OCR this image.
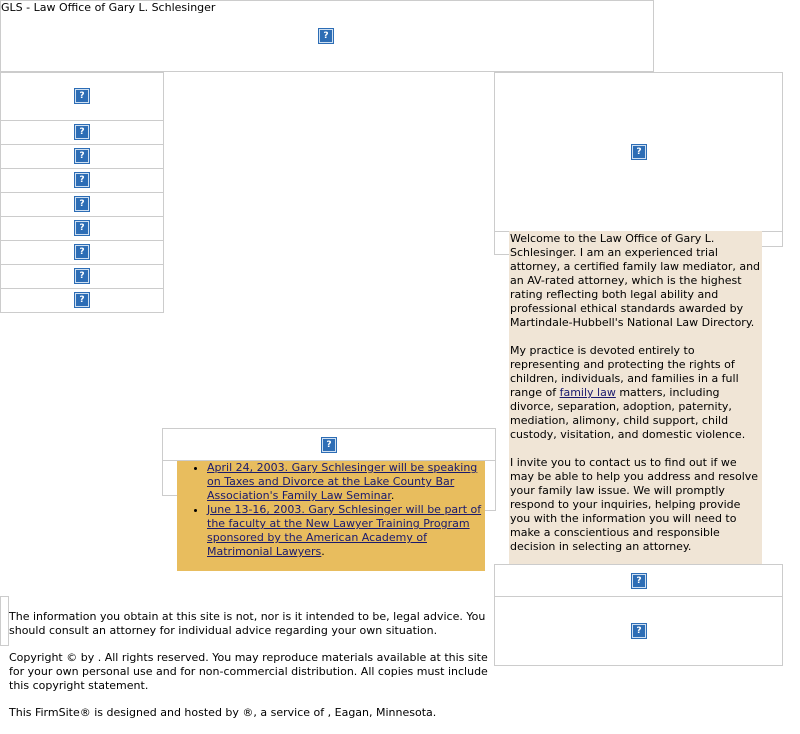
GLS - Law Office of Gary L. Schlesinger
?
?
?
?
?
?
?
?
?
?
?

Welcome to the Law Office of Gary L. Schlesinger. I am an experienced trial attorney, a certified family law mediator, and an AV-rated attorney, which is the highest rating reflecting both legal ability and professional ethical standards awarded by Martindale-Hubbell's National Law Directory.

My practice is devoted entirely to representing and protecting the rights of children, individuals, and families in a full range of family law matters, including divorce, separation, adoption, paternity, mediation, alimony, child support, child custody, visitation, and domestic violence.

I invite you to contact us to find out if we may be able to help you address and resolve your family law issue. We will promptly respond to your inquiries, helping provide you with the information you will need to make a conscientious and responsible decision in selecting an attorney.

?
?
?
• April 24, 2003. Gary Schlesinger will be speaking on Taxes and Divorce at the Lake County Bar Association's Family Law Seminar.
• June 13-16, 2003. Gary Schlesinger will be part of the faculty at the New Lawyer Training Program sponsored by the American Academy of Matrimonial Lawyers.

The information you obtain at this site is not, nor is it intended to be, legal advice. You should consult an attorney for individual advice regarding your own situation.

Copyright © by . All rights reserved. You may reproduce materials available at this site for your own personal use and for non-commercial distribution. All copies must include this copyright statement.

This FirmSite® is designed and hosted by ®, a service of , Eagan, Minnesota.
